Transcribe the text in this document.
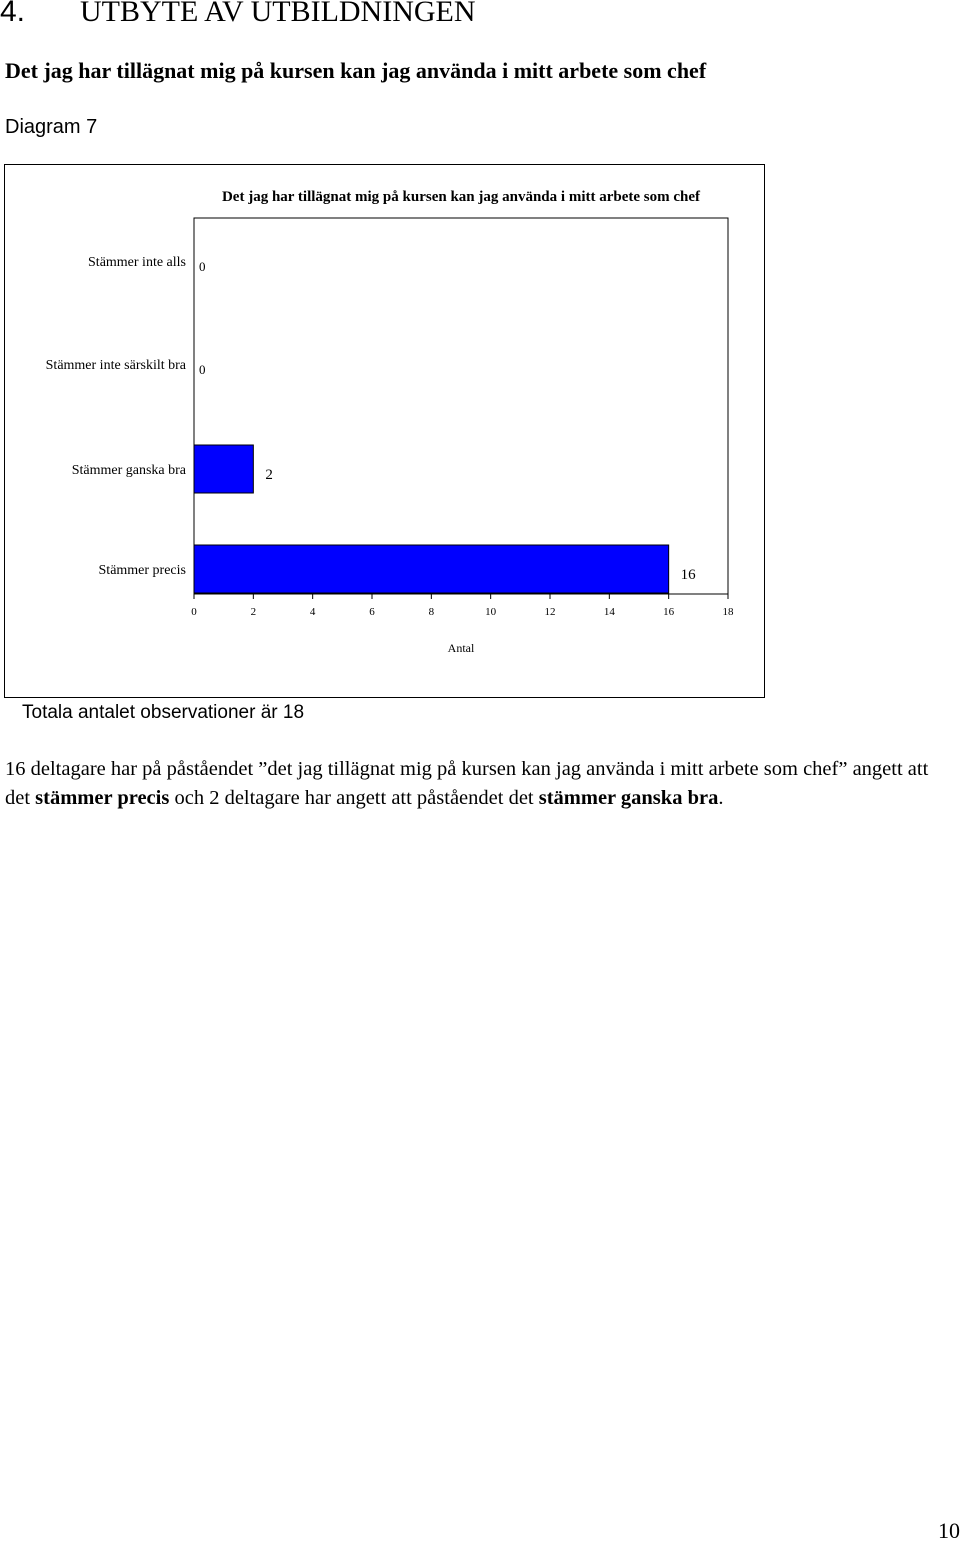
4. UTBYTE AV UTBILDNINGEN
Det jag har tillägnat mig på kursen kan jag använda i mitt arbete som chef
Diagram 7
Det jag har tillägnat mig på kursen kan jag använda i mitt arbete som chef
Stämmer inte alls 0
Stämmer inte särskilt bra 0
Stämmer ganska bra	2
Stämmer precis	16
0	2	4	6	8	10	12	14	16	18
Antal
Totala antalet observationer är 18
16 deltagare har på påståendet ”det jag tillägnat mig på kursen kan jag använda i mitt arbete som chef” angett att det stämmer precis och 2 deltagare har angett att påståendet det stämmer ganska bra.
10
